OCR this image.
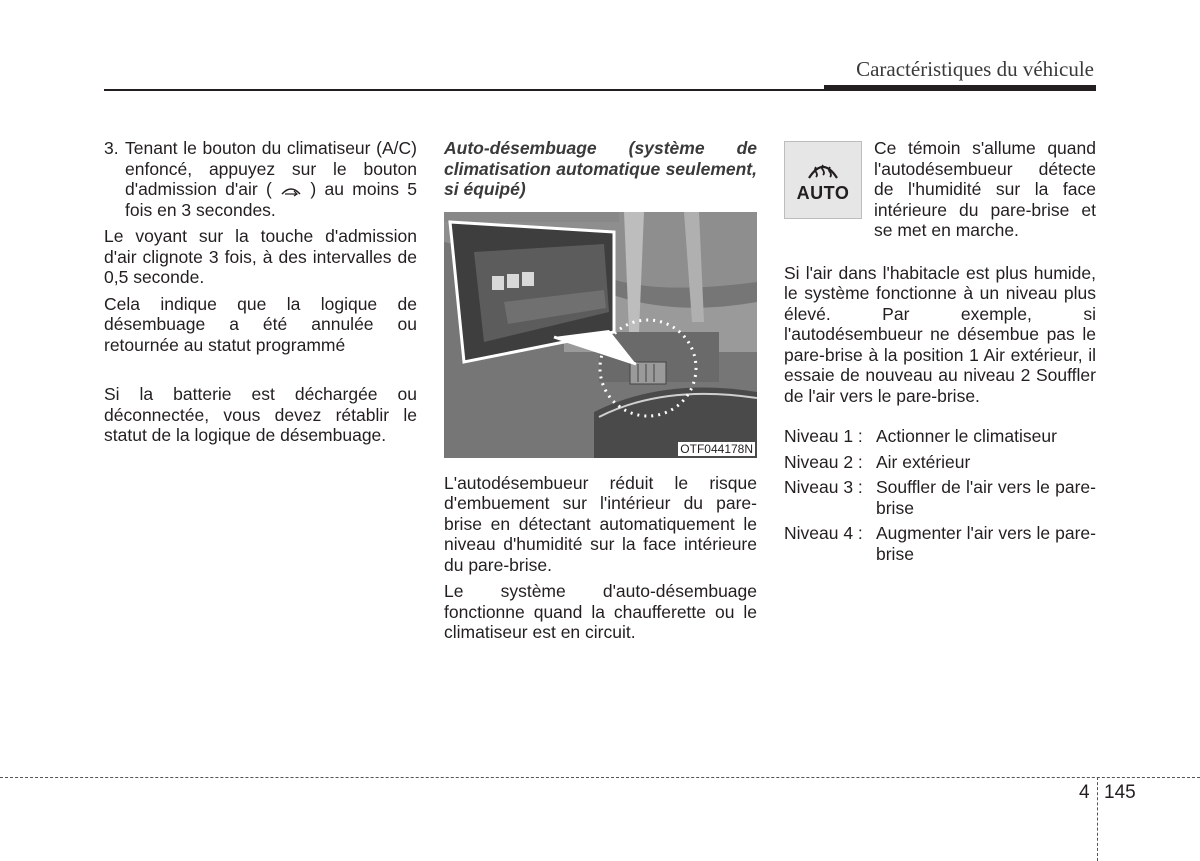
Caractéristiques du véhicule
3. Tenant le bouton du climatiseur (A/C) enfoncé, appuyez sur le bouton d'admission d'air ( ) au moins 5 fois en 3 secondes.

Le voyant sur la touche d'admission d'air clignote 3 fois, à des intervalles de 0,5 seconde.

Cela indique que la logique de désembuage a été annulée ou retournée au statut programmé

Si la batterie est déchargée ou déconnectée, vous devez rétablir le statut de la logique de désembuage.

Auto-désembuage (système de climatisation automatique seulement, si équipé)

OTF044178N

L'autodésembueur réduit le risque d'embuement sur l'intérieur du pare-brise en détectant automatiquement le niveau d'humidité sur la face intérieure du pare-brise.

Le système d'auto-désembuage fonctionne quand la chaufferette ou le climatiseur est en circuit.

AUTO

Ce témoin s'allume quand l'autodésembueur détecte de l'humidité sur la face intérieure du pare-brise et se met en marche.

Si l'air dans l'habitacle est plus humide, le système fonctionne à un niveau plus élevé. Par exemple, si l'autodésembueur ne désembue pas le pare-brise à la position 1 Air extérieur, il essaie de nouveau au niveau 2 Souffler de l'air vers le pare-brise.

Niveau 1 : Actionner le climatiseur
Niveau 2 : Air extérieur
Niveau 3 : Souffler de l'air vers le pare-brise
Niveau 4 : Augmenter l'air vers le pare-brise
4 145
